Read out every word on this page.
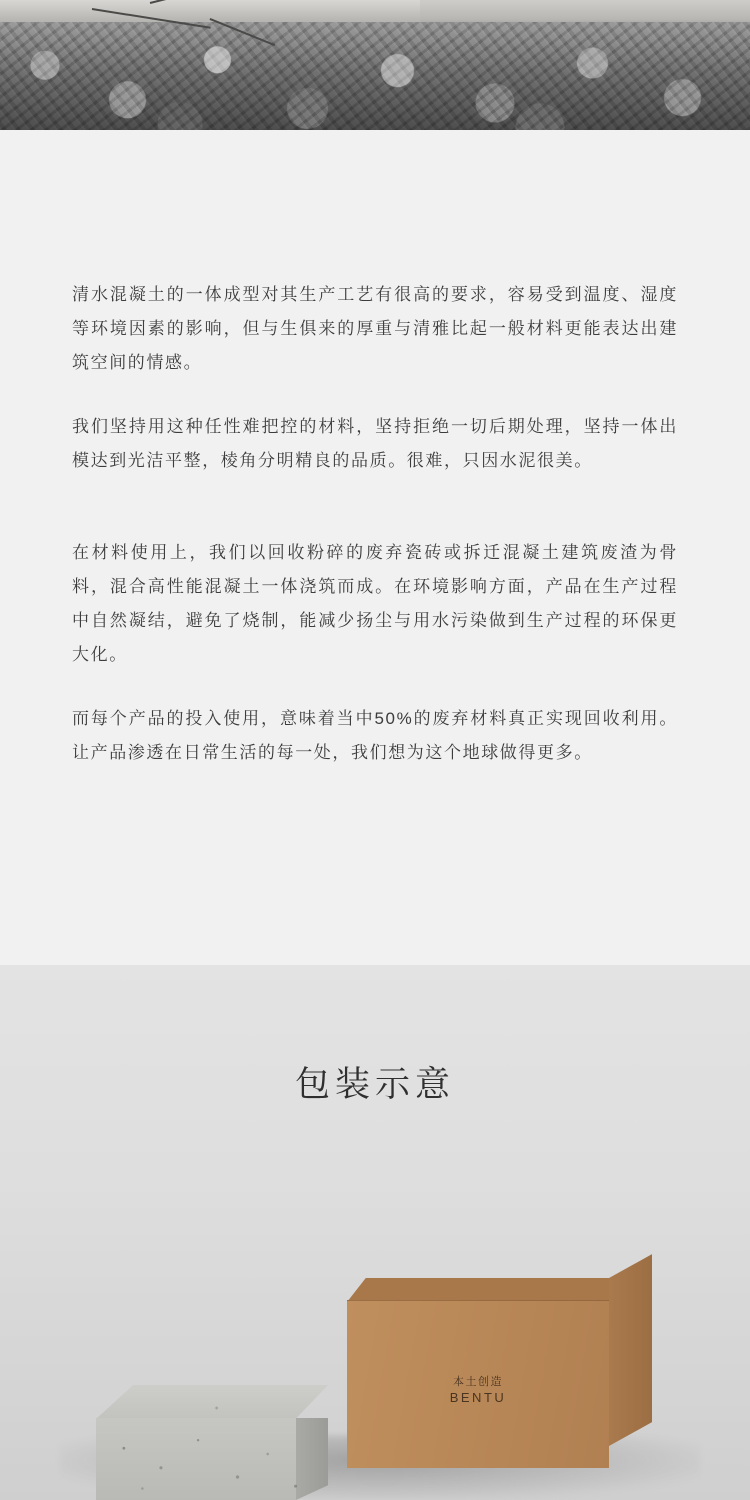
清水混凝土的一体成型对其生产工艺有很高的要求，容易受到温度、湿度等环境因素的影响，但与生俱来的厚重与清雅比起一般材料更能表达出建筑空间的情感。

我们坚持用这种任性难把控的材料，坚持拒绝一切后期处理，坚持一体出模达到光洁平整，棱角分明精良的品质。很难，只因水泥很美。

在材料使用上，我们以回收粉碎的废弃瓷砖或拆迁混凝土建筑废渣为骨料，混合高性能混凝土一体浇筑而成。在环境影响方面，产品在生产过程中自然凝结，避免了烧制，能减少扬尘与用水污染做到生产过程的环保更大化。

而每个产品的投入使用，意味着当中50%的废弃材料真正实现回收利用。让产品渗透在日常生活的每一处，我们想为这个地球做得更多。

包装示意
本土创造
BENTU
